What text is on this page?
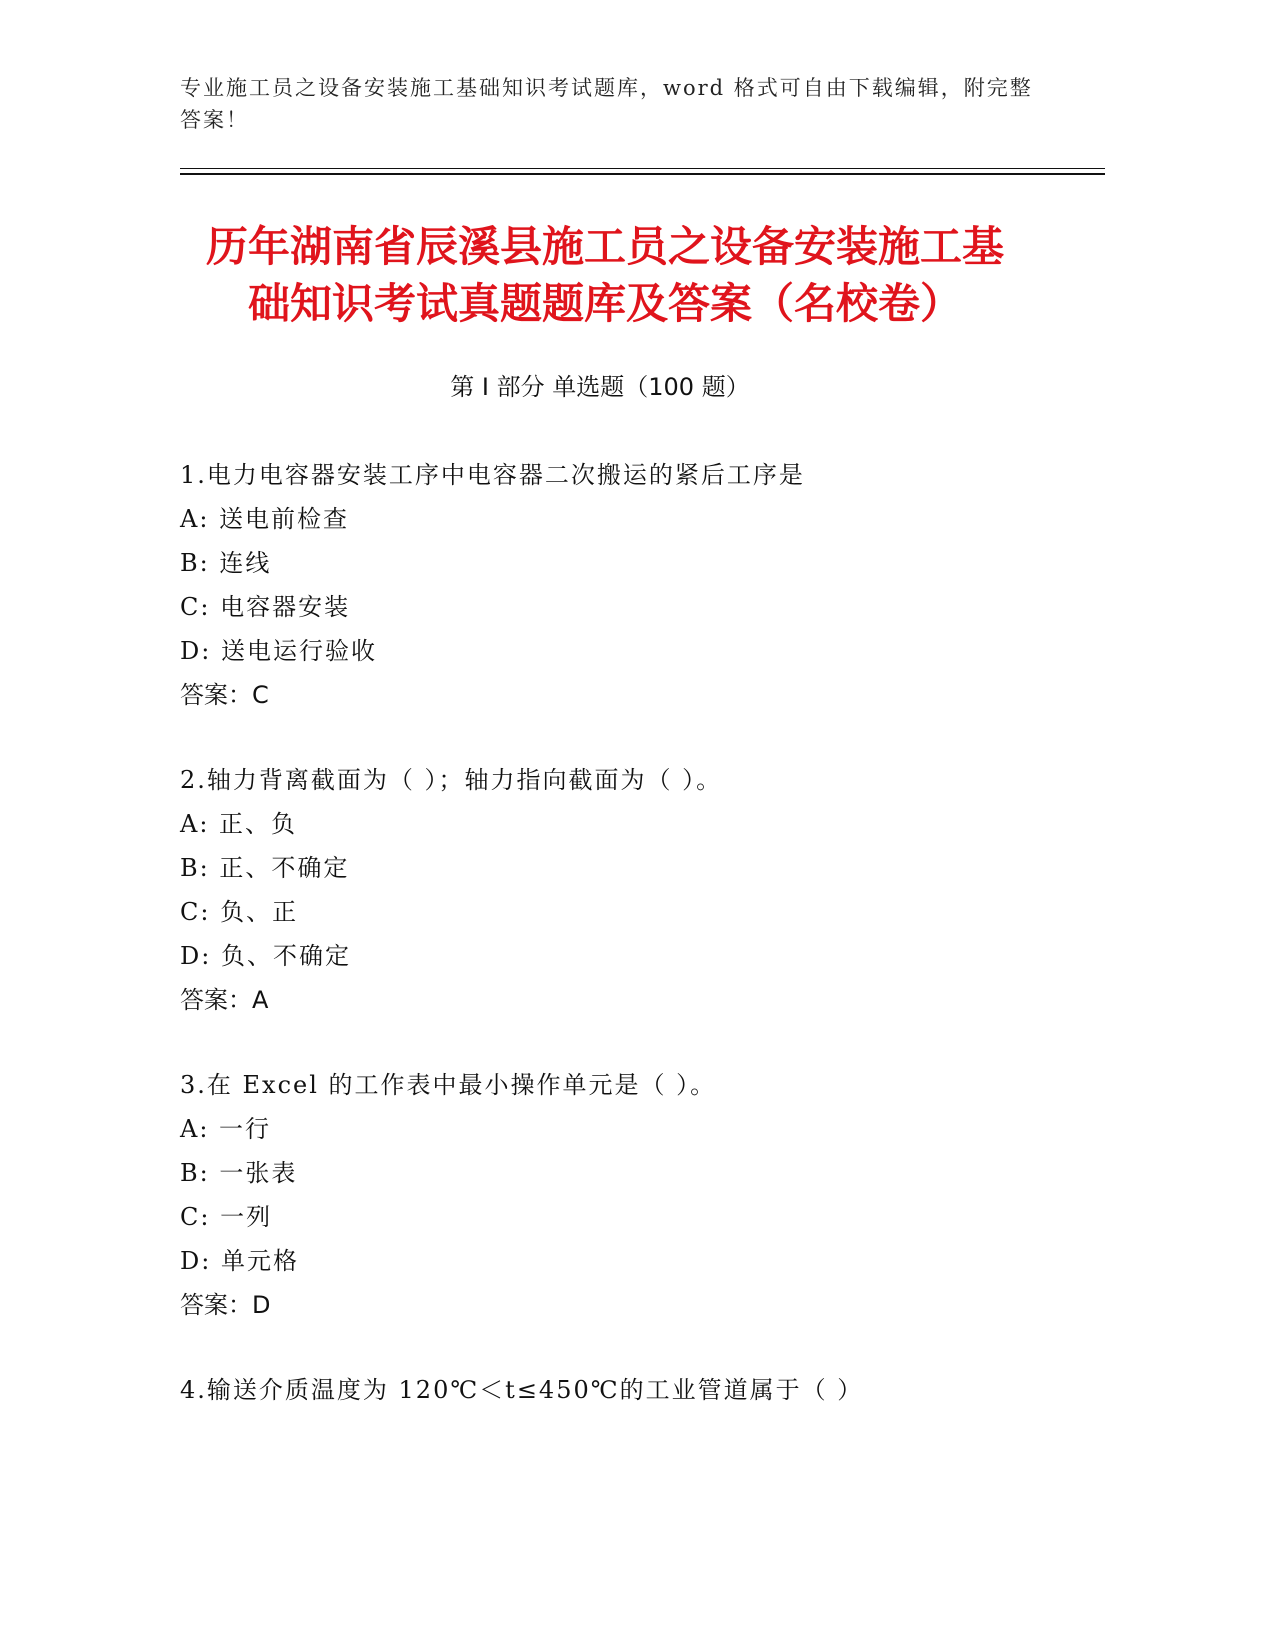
专业施工员之设备安装施工基础知识考试题库，word 格式可自由下载编辑，附完整答案！
历年湖南省辰溪县施工员之设备安装施工基
础知识考试真题题库及答案（名校卷）
第 I 部分 单选题（100 题）
1.电力电容器安装工序中电容器二次搬运的紧后工序是
A: 送电前检查
B: 连线
C: 电容器安装
D: 送电运行验收
答案：C
2.轴力背离截面为（ ）；轴力指向截面为（ ）。
A: 正、负
B: 正、不确定
C: 负、正
D: 负、不确定
答案：A
3.在 Excel 的工作表中最小操作单元是（ ）。
A: 一行
B: 一张表
C: 一列
D: 单元格
答案：D
4.输送介质温度为 120℃＜t≤450℃的工业管道属于（ ）
